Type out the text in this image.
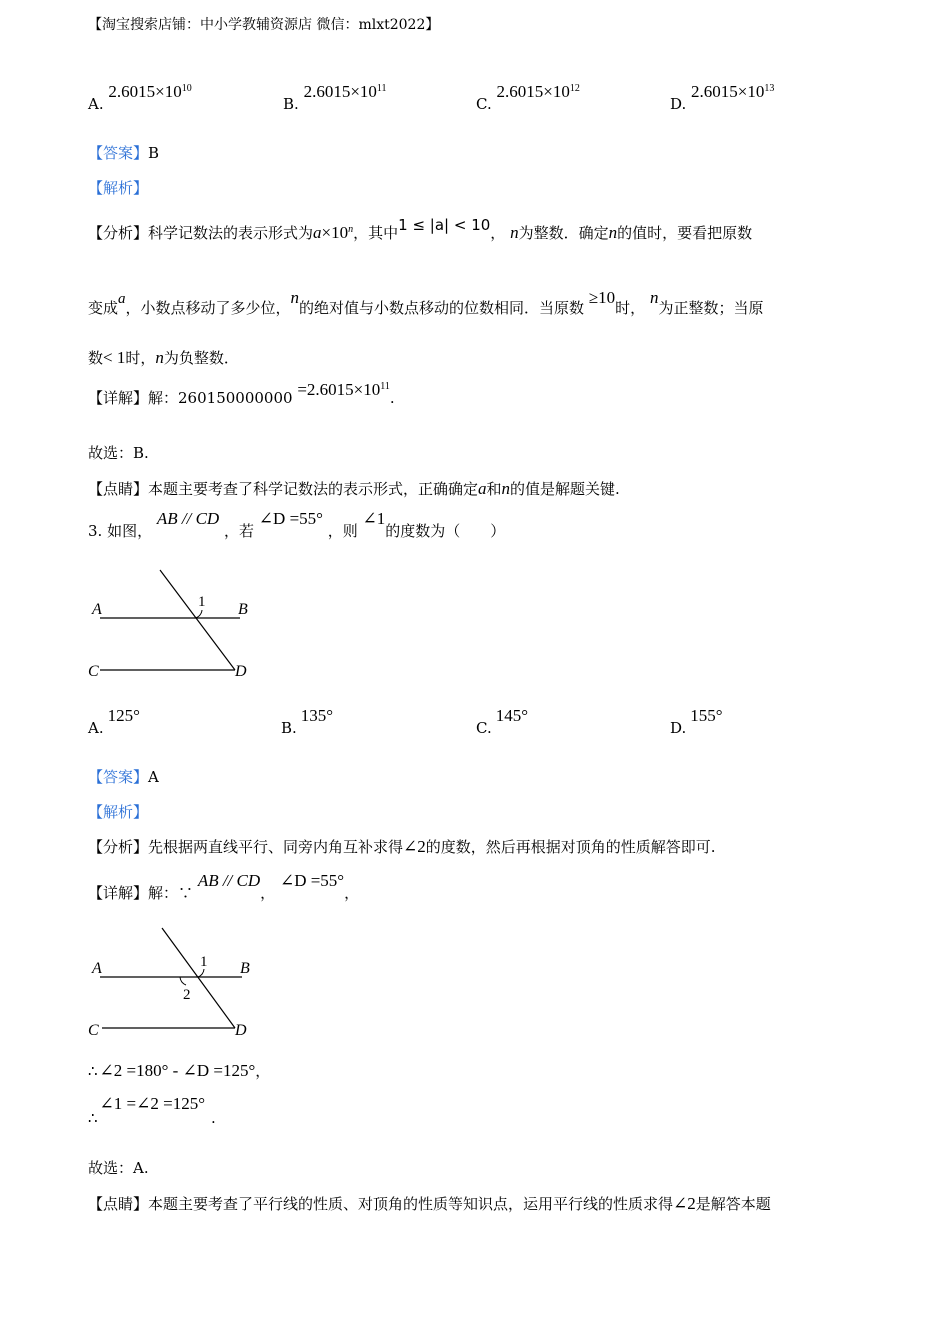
【淘宝搜索店铺：中小学教辅资源店 微信：mlxt2022】
A. $2.6015\times 10^{10}$
B. $2.6015\times 10^{11}$
C. $2.6015\times 10^{12}$
D. $2.6015\times 10^{13}$
【答案】B
【解析】
【分析】科学记数法的表示形式为$a\times 10^n$，其中1 ≤ |a| < 10， n为整数．确定n的值时，要看把原数
变成a，小数点移动了多少位，n的绝对值与小数点移动的位数相同．当原数 ≥10时， n为正整数；当原
数< 1时，n为负整数．
【详解】解：$260150000000 =2.6015\times 10^{11}$.
故选：B.
【点睛】本题主要考查了科学记数法的表示形式，正确确定a和n的值是解题关键.
3. 如图， AB // CD ，若 ∠D =55° ，则 ∠1的度数为（　　）
A	B
C	D
1
A.125°
B.135°
C.145°
D.155°
【答案】A
【解析】
【分析】先根据两直线平行、同旁内角互补求得∠2的度数，然后再根据对顶角的性质解答即可.
【详解】解：∵ AB // CD， ∠D =55°，
A	B
C	D
1
2
∴ ∠2 =180° - ∠D =125°，
∴∠1 =∠2 =125°.
故选：A.
【点睛】本题主要考查了平行线的性质、对顶角的性质等知识点，运用平行线的性质求得∠2是解答本题
